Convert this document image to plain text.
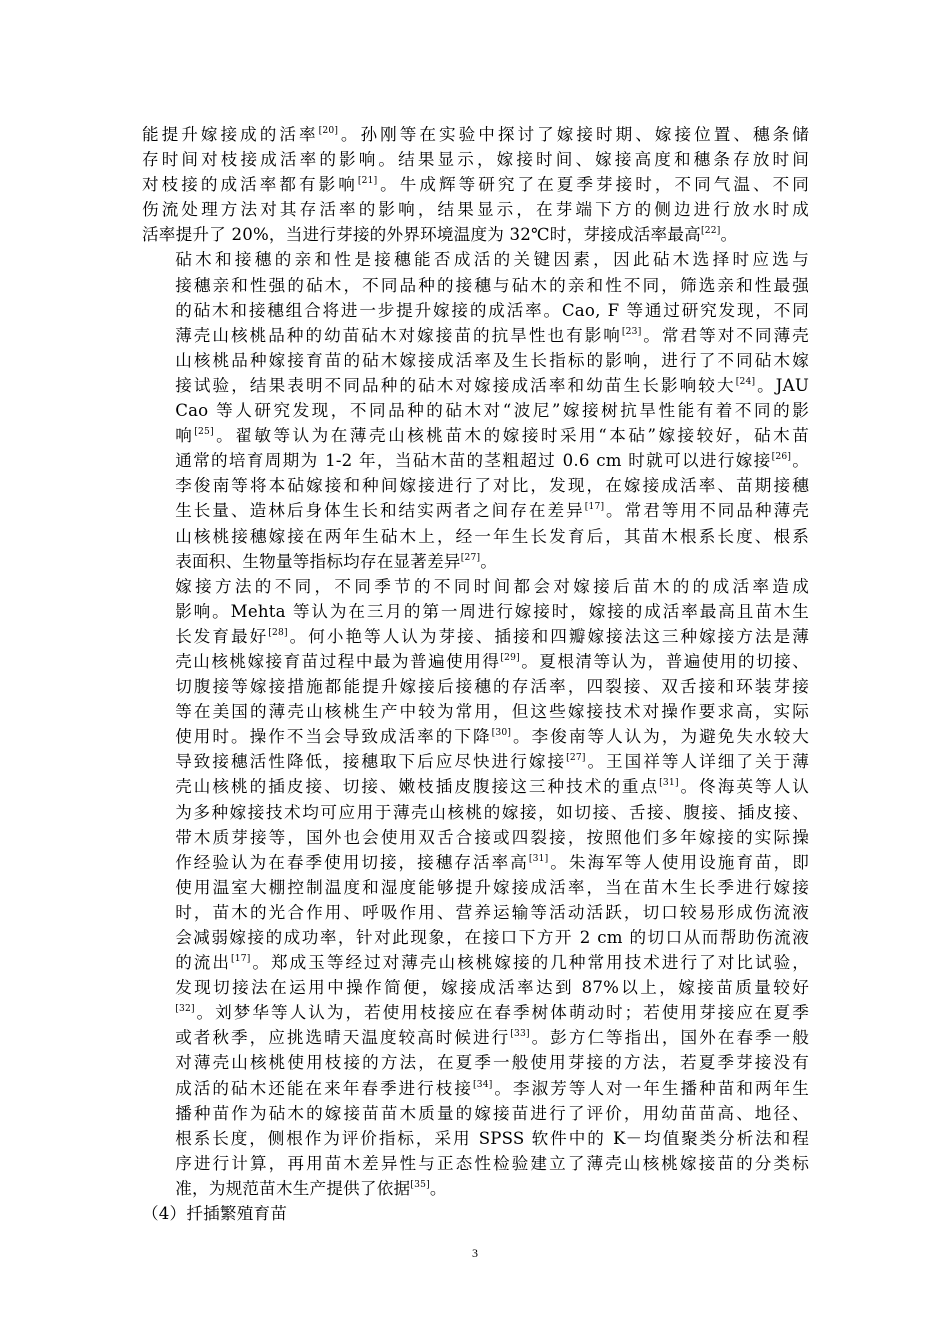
能提升嫁接成的活率[20]。孙刚等在实验中探讨了嫁接时期、嫁接位置、穗条储
存时间对枝接成活率的影响。结果显示，嫁接时间、嫁接高度和穗条存放时间
对枝接的成活率都有影响[21]。牛成辉等研究了在夏季芽接时，不同气温、不同
伤流处理方法对其存活率的影响，结果显示，在芽端下方的侧边进行放水时成
活率提升了 20%，当进行芽接的外界环境温度为 32℃时，芽接成活率最高[22]。
砧木和接穗的亲和性是接穗能否成活的关键因素，因此砧木选择时应选与
接穗亲和性强的砧木，不同品种的接穗与砧木的亲和性不同，筛选亲和性最强
的砧木和接穗组合将进一步提升嫁接的成活率。Cao, F 等通过研究发现，不同
薄壳山核桃品种的幼苗砧木对嫁接苗的抗旱性也有影响[23]。常君等对不同薄壳
山核桃品种嫁接育苗的砧木嫁接成活率及生长指标的影响，进行了不同砧木嫁
接试验，结果表明不同品种的砧木对嫁接成活率和幼苗生长影响较大[24]。JAU
Cao 等人研究发现，不同品种的砧木对“波尼”嫁接树抗旱性能有着不同的影
响[25]。翟敏等认为在薄壳山核桃苗木的嫁接时采用“本砧”嫁接较好，砧木苗
通常的培育周期为 1-2 年，当砧木苗的茎粗超过 0.6 cm 时就可以进行嫁接[26]。
李俊南等将本砧嫁接和种间嫁接进行了对比，发现，在嫁接成活率、苗期接穗
生长量、造林后身体生长和结实两者之间存在差异[17]。常君等用不同品种薄壳
山核桃接穗嫁接在两年生砧木上，经一年生长发育后，其苗木根系长度、根系
表面积、生物量等指标均存在显著差异[27]。
嫁接方法的不同，不同季节的不同时间都会对嫁接后苗木的的成活率造成
影响。Mehta 等认为在三月的第一周进行嫁接时，嫁接的成活率最高且苗木生
长发育最好[28]。何小艳等人认为芽接、插接和四瓣嫁接法这三种嫁接方法是薄
壳山核桃嫁接育苗过程中最为普遍使用得[29]。夏根清等认为，普遍使用的切接、
切腹接等嫁接措施都能提升嫁接后接穗的存活率，四裂接、双舌接和环装芽接
等在美国的薄壳山核桃生产中较为常用，但这些嫁接技术对操作要求高，实际
使用时。操作不当会导致成活率的下降[30]。李俊南等人认为，为避免失水较大
导致接穗活性降低，接穗取下后应尽快进行嫁接[27]。王国祥等人详细了关于薄
壳山核桃的插皮接、切接、嫩枝插皮腹接这三种技术的重点[31]。佟海英等人认
为多种嫁接技术均可应用于薄壳山核桃的嫁接，如切接、舌接、腹接、插皮接、
带木质芽接等，国外也会使用双舌合接或四裂接，按照他们多年嫁接的实际操
作经验认为在春季使用切接，接穗存活率高[31]。朱海军等人使用设施育苗，即
使用温室大棚控制温度和湿度能够提升嫁接成活率，当在苗木生长季进行嫁接
时，苗木的光合作用、呼吸作用、营养运输等活动活跃，切口较易形成伤流液
会减弱嫁接的成功率，针对此现象，在接口下方开 2 cm 的切口从而帮助伤流液
的流出[17]。郑成玉等经过对薄壳山核桃嫁接的几种常用技术进行了对比试验，
发现切接法在运用中操作简便，嫁接成活率达到 87%以上，嫁接苗质量较好
[32]。刘梦华等人认为，若使用枝接应在春季树体萌动时；若使用芽接应在夏季
或者秋季，应挑选晴天温度较高时候进行[33]。彭方仁等指出，国外在春季一般
对薄壳山核桃使用枝接的方法，在夏季一般使用芽接的方法，若夏季芽接没有
成活的砧木还能在来年春季进行枝接[34]。李淑芳等人对一年生播种苗和两年生
播种苗作为砧木的嫁接苗苗木质量的嫁接苗进行了评价，用幼苗苗高、地径、
根系长度，侧根作为评价指标，采用 SPSS 软件中的 K－均值聚类分析法和程
序进行计算，再用苗木差异性与正态性检验建立了薄壳山核桃嫁接苗的分类标
准，为规范苗木生产提供了依据[35]。

（4）扦插繁殖育苗

3
